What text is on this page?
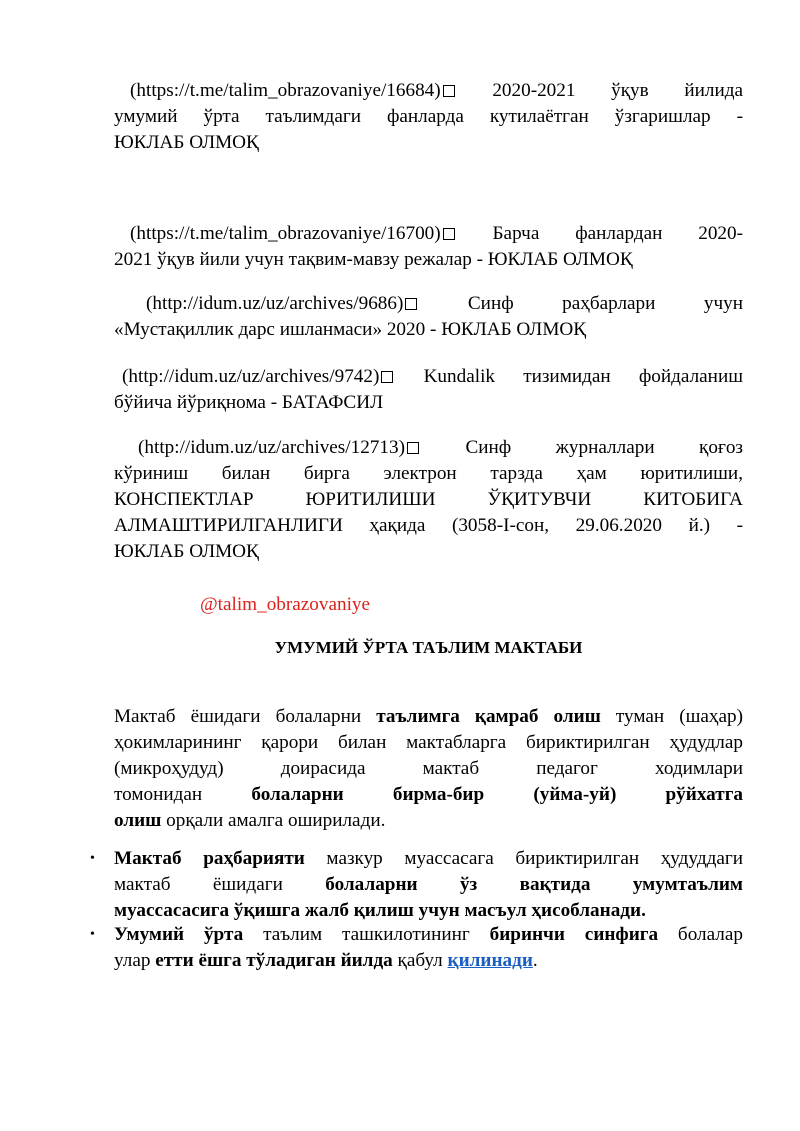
(https://t.me/talim_obrazovaniye/16684)	2020-2021 ўқув йилида
умумий ўрта таълимдаги фанларда кутилаётган ўзгаришлар -
ЮКЛАБ ОЛМОҚ
(https://t.me/talim_obrazovaniye/16700)	Барча фанлардан 2020-
2021 ўқув йили учун тақвим-мавзу режалар - ЮКЛАБ ОЛМОҚ
(http://idum.uz/uz/archives/9686)	Синф раҳбарлари учун
«Мустақиллик дарс ишланмаси» 2020 - ЮКЛАБ ОЛМОҚ
(http://idum.uz/uz/archives/9742) Kundalik тизимидан фойдаланиш
бўйича йўриқнома - БАТАФСИЛ
(http://idum.uz/uz/archives/12713)	Синф журналлари қоғоз
кўриниш билан бирга электрон тарзда ҳам юритилиши,
КОНСПЕКТЛАР ЮРИТИЛИШИ ЎҚИТУВЧИ КИТОБИГА
АЛМАШТИРИЛГАНЛИГИ ҳақида (3058-I-сон, 29.06.2020 й.) -
ЮКЛАБ ОЛМОҚ
@talim_obrazovaniye
УМУМИЙ ЎРТА ТАЪЛИМ МАКТАБИ
Мактаб ёшидаги болаларни таълимга қамраб олиш туман (шаҳар)
ҳокимларининг қарори билан мактабларга бириктирилган ҳудудлар
(микроҳудуд) доирасида мактаб педагог ходимлари
томонидан болаларни бирма-бир (уйма-уй) рўйхатга
олиш орқали амалга оширилади.
• Мактаб раҳбарияти мазкур муассасага бириктирилган ҳудуддаги
мактаб ёшидаги болаларни ўз вақтида умумтаълим
муассасасига ўқишга жалб қилиш учун масъул ҳисобланади.
• Умумий ўрта таълим ташкилотининг биринчи синфига болалар
улар етти ёшга тўладиган йилда қабул қилинади.
